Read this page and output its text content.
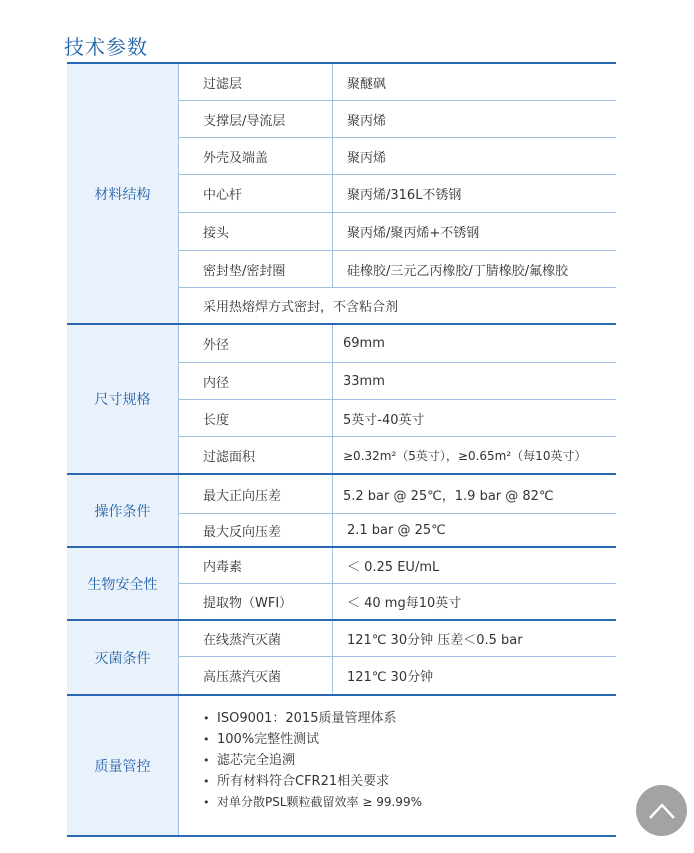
技术参数
材料结构
过滤层	聚醚砜
支撑层/导流层	聚丙烯
外壳及端盖	聚丙烯
中心杆	聚丙烯/316L不锈钢
接头	聚丙烯/聚丙烯+不锈钢
密封垫/密封圈	硅橡胶/三元乙丙橡胶/丁腈橡胶/氟橡胶
采用热熔焊方式密封，不含粘合剂
尺寸规格
外径	69mm
内径	33mm
长度	5英寸-40英寸
过滤面积	≥0.32m²（5英寸），≥0.65m²（每10英寸）
操作条件
最大正向压差	5.2 bar @ 25℃，1.9 bar @ 82℃
最大反向压差	2.1 bar @ 25℃
生物安全性
内毒素	＜ 0.25 EU/mL
提取物（WFI）	＜ 40 mg每10英寸
灭菌条件
在线蒸汽灭菌	121℃ 30分钟 压差＜0.5 bar
高压蒸汽灭菌	121℃ 30分钟
质量管控
• ISO9001：2015质量管理体系
• 100%完整性测试
• 滤芯完全追溯
• 所有材料符合CFR21相关要求
• 对单分散PSL颗粒截留效率 ≥ 99.99%
